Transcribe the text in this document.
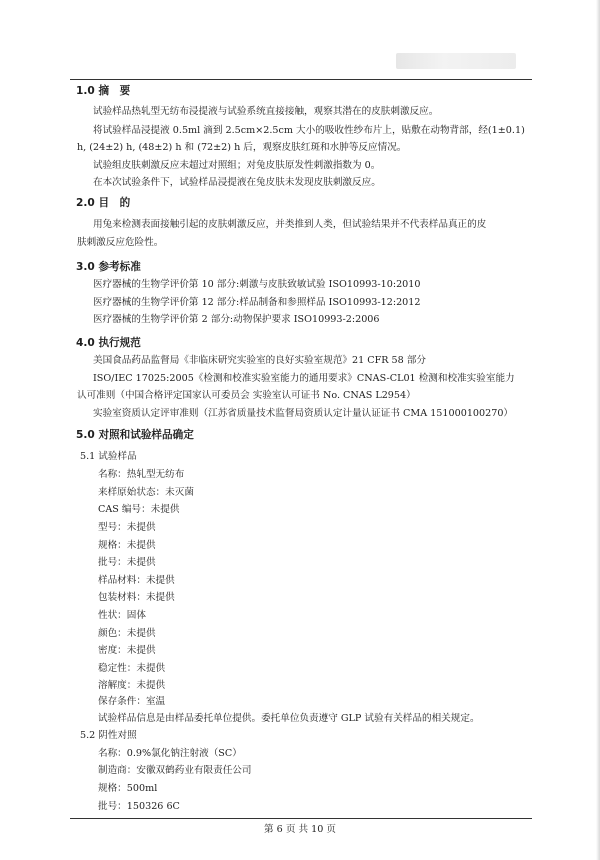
1.0 摘　要
试验样品热轧型无纺布浸提液与试验系统直接接触，观察其潜在的皮肤刺激反应。
将试验样品浸提液 0.5ml 滴到 2.5cm×2.5cm 大小的吸收性纱布片上，贴敷在动物背部，经(1±0.1)
h, (24±2) h, (48±2) h 和 (72±2) h 后，观察皮肤红斑和水肿等反应情况。
试验组皮肤刺激反应未超过对照组；对兔皮肤原发性刺激指数为 0。
在本次试验条件下，试验样品浸提液在兔皮肤未发现皮肤刺激反应。
2.0 目　的
用兔来检测表面接触引起的皮肤刺激反应，并类推到人类，但试验结果并不代表样品真正的皮
肤刺激反应危险性。
3.0 参考标准
医疗器械的生物学评价第 10 部分:刺激与皮肤致敏试验 ISO10993-10:2010
医疗器械的生物学评价第 12 部分:样品制备和参照样品 ISO10993-12:2012
医疗器械的生物学评价第 2 部分:动物保护要求 ISO10993-2:2006
4.0 执行规范
美国食品药品监督局《非临床研究实验室的良好实验室规范》21 CFR 58 部分
ISO/IEC 17025:2005《检测和校准实验室能力的通用要求》CNAS-CL01 检测和校准实验室能力
认可准则（中国合格评定国家认可委员会 实验室认可证书 No. CNAS L2954）
实验室资质认定评审准则（江苏省质量技术监督局资质认定计量认证证书 CMA 151000100270）
5.0 对照和试验样品确定
5.1 试验样品
名称：热轧型无纺布
来样原始状态：未灭菌
CAS 编号：未提供
型号：未提供
规格：未提供
批号：未提供
样品材料：未提供
包装材料：未提供
性状：固体
颜色：未提供
密度：未提供
稳定性：未提供
溶解度：未提供
保存条件：室温
试验样品信息是由样品委托单位提供。委托单位负责遵守 GLP 试验有关样品的相关规定。
5.2 阴性对照
名称：0.9%氯化钠注射液（SC）
制造商：安徽双鹤药业有限责任公司
规格：500ml
批号：150326 6C
第 6 页 共 10 页
